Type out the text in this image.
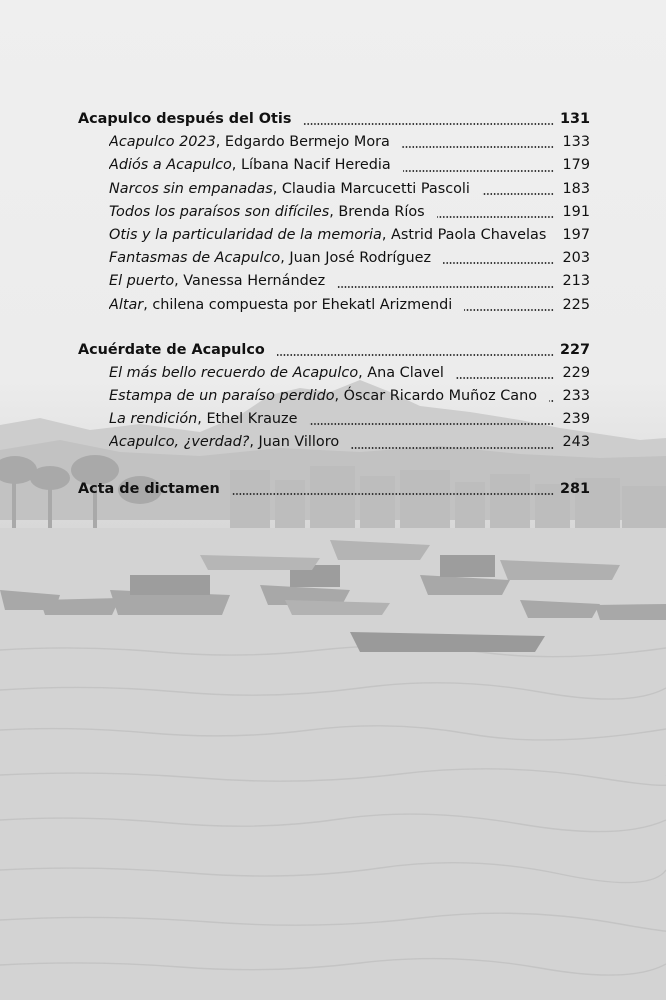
Acapulco después del Otis	131
Acapulco 2023, Edgardo Bermejo Mora	133
Adiós a Acapulco, Líbana Nacif Heredia	179
Narcos sin empanadas, Claudia Marcucetti Pascoli	183
Todos los paraísos son difíciles, Brenda Ríos	191
Otis y la particularidad de la memoria, Astrid Paola Chavelas	197
Fantasmas de Acapulco, Juan José Rodríguez	203
El puerto, Vanessa Hernández	213
Altar, chilena compuesta por Ehekatl Arizmendi	225
Acuérdate de Acapulco	227
El más bello recuerdo de Acapulco, Ana Clavel	229
Estampa de un paraíso perdido, Óscar Ricardo Muñoz Cano	233
La rendición, Ethel Krauze	239
Acapulco, ¿verdad?, Juan Villoro	243
Acta de dictamen	281
